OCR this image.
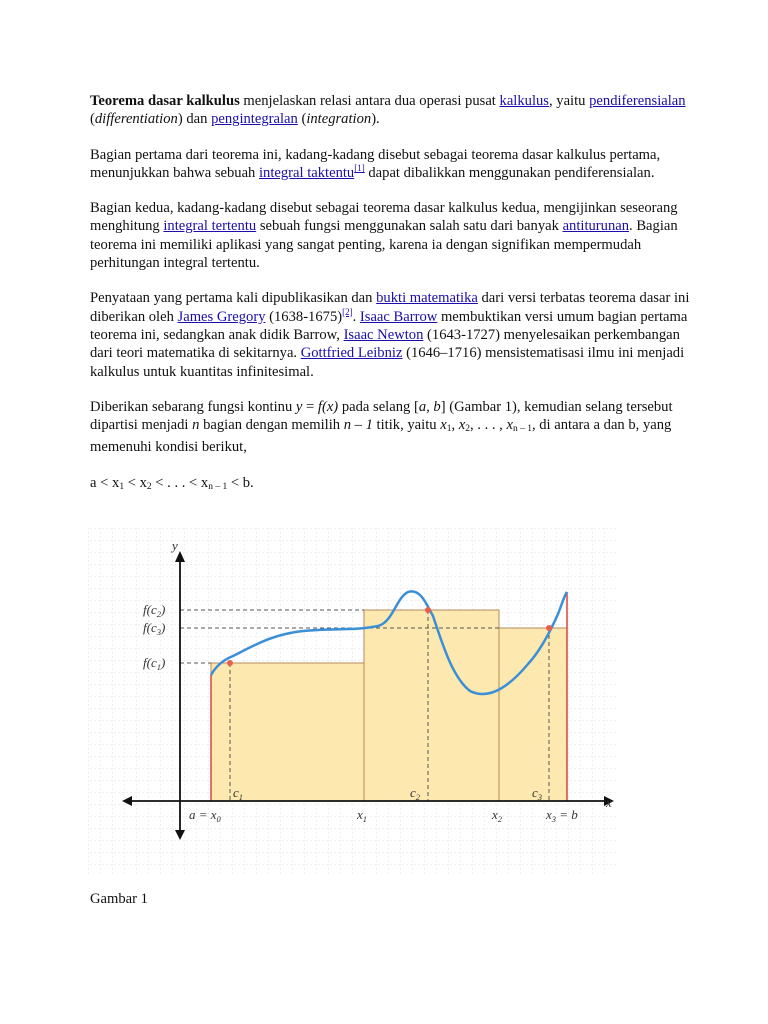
Teorema dasar kalkulus menjelaskan relasi antara dua operasi pusat kalkulus, yaitu pendiferensialan (differentiation) dan pengintegralan (integration).

Bagian pertama dari teorema ini, kadang-kadang disebut sebagai teorema dasar kalkulus pertama, menunjukkan bahwa sebuah integral taktentu[1] dapat dibalikkan menggunakan pendiferensialan.

Bagian kedua, kadang-kadang disebut sebagai teorema dasar kalkulus kedua, mengijinkan seseorang menghitung integral tertentu sebuah fungsi menggunakan salah satu dari banyak antiturunan. Bagian teorema ini memiliki aplikasi yang sangat penting, karena ia dengan signifikan mempermudah perhitungan integral tertentu.

Penyataan yang pertama kali dipublikasikan dan bukti matematika dari versi terbatas teorema dasar ini diberikan oleh James Gregory (1638-1675)[2]. Isaac Barrow membuktikan versi umum bagian pertama teorema ini, sedangkan anak didik Barrow, Isaac Newton (1643-1727) menyelesaikan perkembangan dari teori matematika di sekitarnya. Gottfried Leibniz (1646–1716) mensistematisasi ilmu ini menjadi kalkulus untuk kuantitas infinitesimal.

Diberikan sebarang fungsi kontinu y = f(x) pada selang [a, b] (Gambar 1), kemudian selang tersebut dipartisi menjadi n bagian dengan memilih n – 1 titik, yaitu $x_1$, $x_2$, . . . , $x_{n - 1}$, di antara a dan b, yang memenuhi kondisi berikut,

$a < x_1 < x_2$ < . . . < $x_{n - 1} < b$.

y
x
$f(c_2)$
$f(c_3)$
$f(c_1)$
$c_1$	$c_2$	$c_3$
$a = x_0$	$x_1$	$x_2$	$x_3 = b$
Gambar 1
